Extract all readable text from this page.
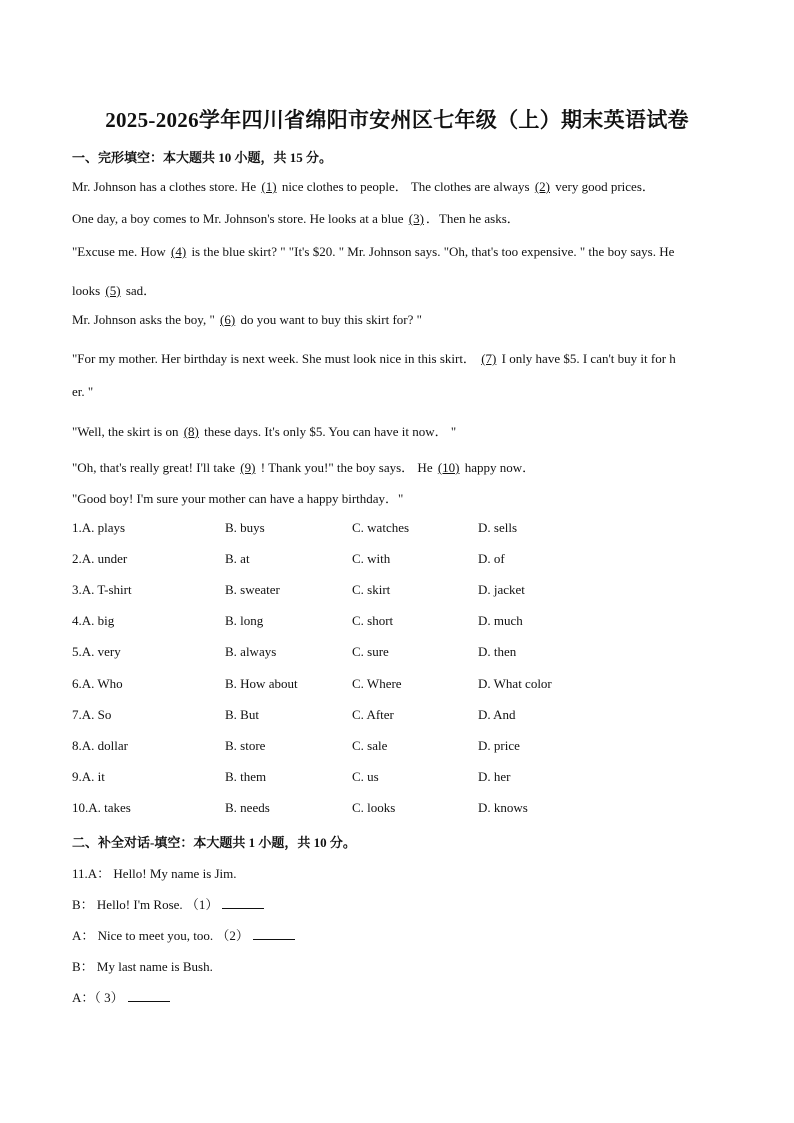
2025-2026学年四川省绵阳市安州区七年级（上）期末英语试卷
一、完形填空：本大题共 10 小题，共 15 分。
Mr. Johnson has a clothes store. He (1) nice clothes to people． The clothes are always (2) very good prices．
One day, a boy comes to Mr. Johnson's store. He looks at a blue (3) ．Then he asks．
"Excuse me. How (4) is the blue skirt? " "It's $20. " Mr. Johnson says. "Oh, that's too expensive. " the boy says. He
looks (5) sad．
Mr. Johnson asks the boy, " (6) do you want to buy this skirt for? "
"For my mother. Her birthday is next week. She must look nice in this skirt． (7) I only have $5. I can't buy it for h
er. "
"Well, the skirt is on (8) these days. It's only $5. You can have it now． "
"Oh, that's really great! I'll take (9) ! Thank you!" the boy says． He (10) happy now．
"Good boy! I'm sure your mother can have a happy birthday．"
1.A. plays	B. buys	C. watches	D. sells
2.A. under	B. at	C. with	D. of
3.A. T-shirt	B. sweater	C. skirt	D. jacket
4.A. big	B. long	C. short	D. much
5.A. very	B. always	C. sure	D. then
6.A. Who	B. How about	C. Where	D. What color
7.A. So	B. But	C. After	D. And
8.A. dollar	B. store	C. sale	D. price
9.A. it	B. them	C. us	D. her
10.A. takes	B. needs	C. looks	D. knows
二、补全对话-填空：本大题共 1 小题，共 10 分。
11.A： Hello! My name is Jim.
B： Hello! I'm Rose. （1）
A： Nice to meet you, too. （2）
B： My last name is Bush.
A：（ 3）
